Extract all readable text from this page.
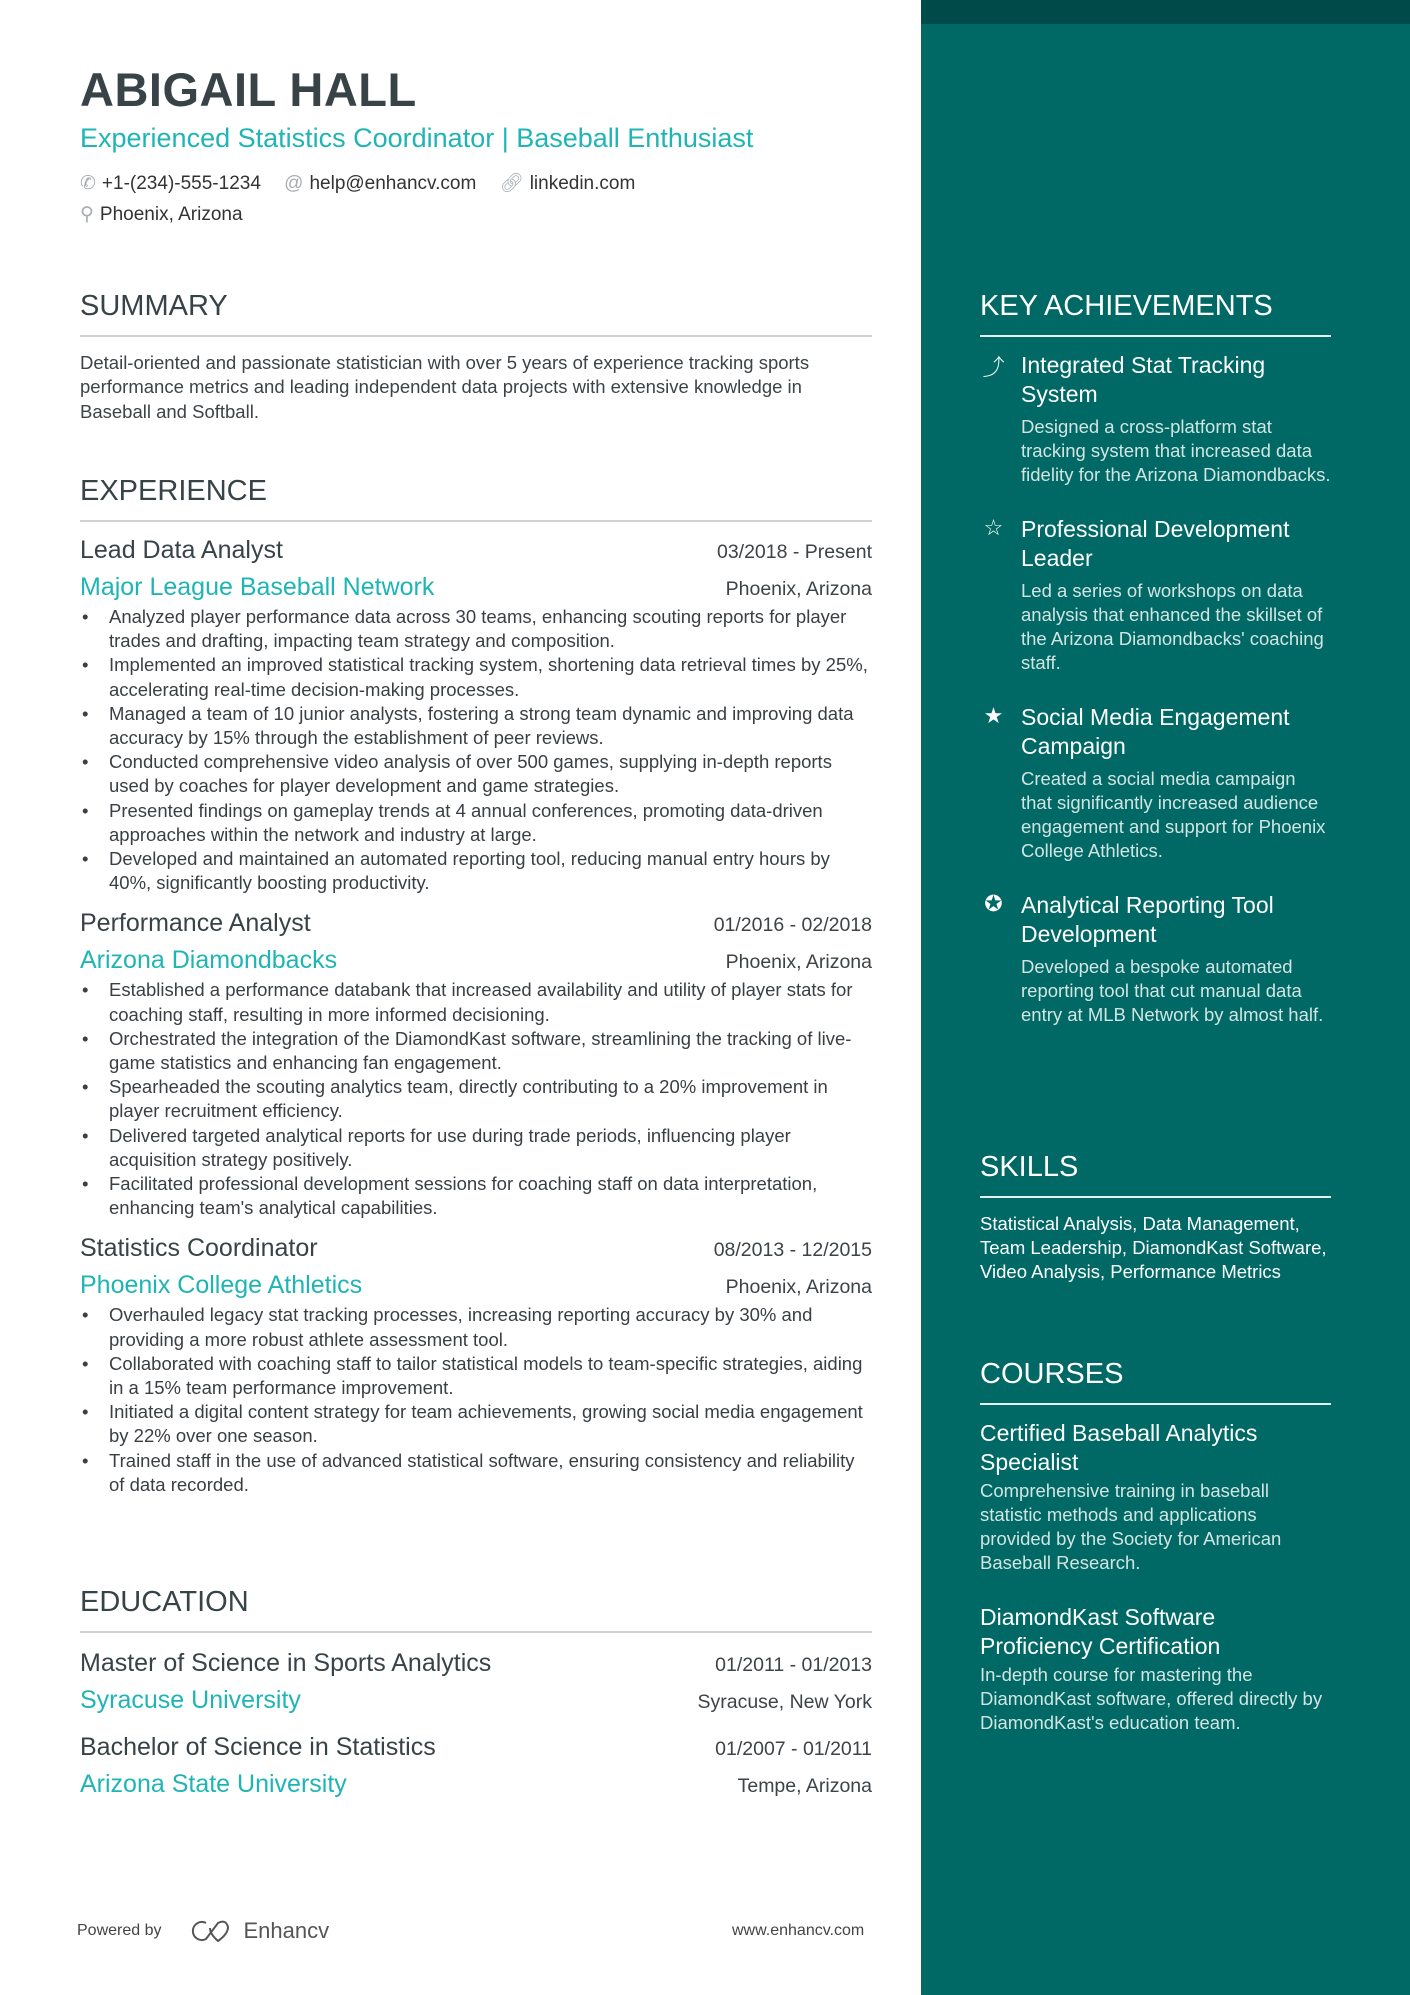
ABIGAIL HALL
Experienced Statistics Coordinator | Baseball Enthusiast
✆ +1-(234)-555-1234
@ help@enhancv.com
🔗︎ linkedin.com

⚲ Phoenix, Arizona
SUMMARY

Detail-oriented and passionate statistician with over 5 years of experience tracking sports performance metrics and leading independent data projects with extensive knowledge in Baseball and Softball.

EXPERIENCE
Lead Data Analyst	03/2018 - Present
Major League Baseball Network	Phoenix, Arizona
• Analyzed player performance data across 30 teams, enhancing scouting reports for player trades and drafting, impacting team strategy and composition.
• Implemented an improved statistical tracking system, shortening data retrieval times by 25%, accelerating real-time decision-making processes.
• Managed a team of 10 junior analysts, fostering a strong team dynamic and improving data accuracy by 15% through the establishment of peer reviews.
• Conducted comprehensive video analysis of over 500 games, supplying in-depth reports used by coaches for player development and game strategies.
• Presented findings on gameplay trends at 4 annual conferences, promoting data-driven approaches within the network and industry at large.
• Developed and maintained an automated reporting tool, reducing manual entry hours by 40%, significantly boosting productivity.
Performance Analyst	01/2016 - 02/2018
Arizona Diamondbacks	Phoenix, Arizona
• Established a performance databank that increased availability and utility of player stats for coaching staff, resulting in more informed decisioning.
• Orchestrated the integration of the DiamondKast software, streamlining the tracking of live-game statistics and enhancing fan engagement.
• Spearheaded the scouting analytics team, directly contributing to a 20% improvement in player recruitment efficiency.
• Delivered targeted analytical reports for use during trade periods, influencing player acquisition strategy positively.
• Facilitated professional development sessions for coaching staff on data interpretation, enhancing team's analytical capabilities.
Statistics Coordinator	08/2013 - 12/2015
Phoenix College Athletics	Phoenix, Arizona
• Overhauled legacy stat tracking processes, increasing reporting accuracy by 30% and providing a more robust athlete assessment tool.
• Collaborated with coaching staff to tailor statistical models to team-specific strategies, aiding in a 15% team performance improvement.
• Initiated a digital content strategy for team achievements, growing social media engagement by 22% over one season.
• Trained staff in the use of advanced statistical software, ensuring consistency and reliability of data recorded.
EDUCATION
Master of Science in Sports Analytics	01/2011 - 01/2013
Syracuse University	Syracuse, New York
Bachelor of Science in Statistics	01/2007 - 01/2011
Arizona State University	Tempe, Arizona
Powered by	Enhancv	www.enhancv.com
KEY ACHIEVEMENTS
⤴ Integrated Stat Tracking System
Designed a cross-platform stat tracking system that increased data fidelity for the Arizona Diamondbacks.
☆ Professional Development Leader
Led a series of workshops on data analysis that enhanced the skillset of the Arizona Diamondbacks' coaching staff.
★ Social Media Engagement Campaign
Created a social media campaign that significantly increased audience engagement and support for Phoenix College Athletics.
✪ Analytical Reporting Tool Development
Developed a bespoke automated reporting tool that cut manual data entry at MLB Network by almost half.
SKILLS

Statistical Analysis, Data Management, Team Leadership, DiamondKast Software, Video Analysis, Performance Metrics

COURSES
Certified Baseball Analytics Specialist
Comprehensive training in baseball statistic methods and applications provided by the Society for American Baseball Research.
DiamondKast Software Proficiency Certification
In-depth course for mastering the DiamondKast software, offered directly by DiamondKast's education team.
